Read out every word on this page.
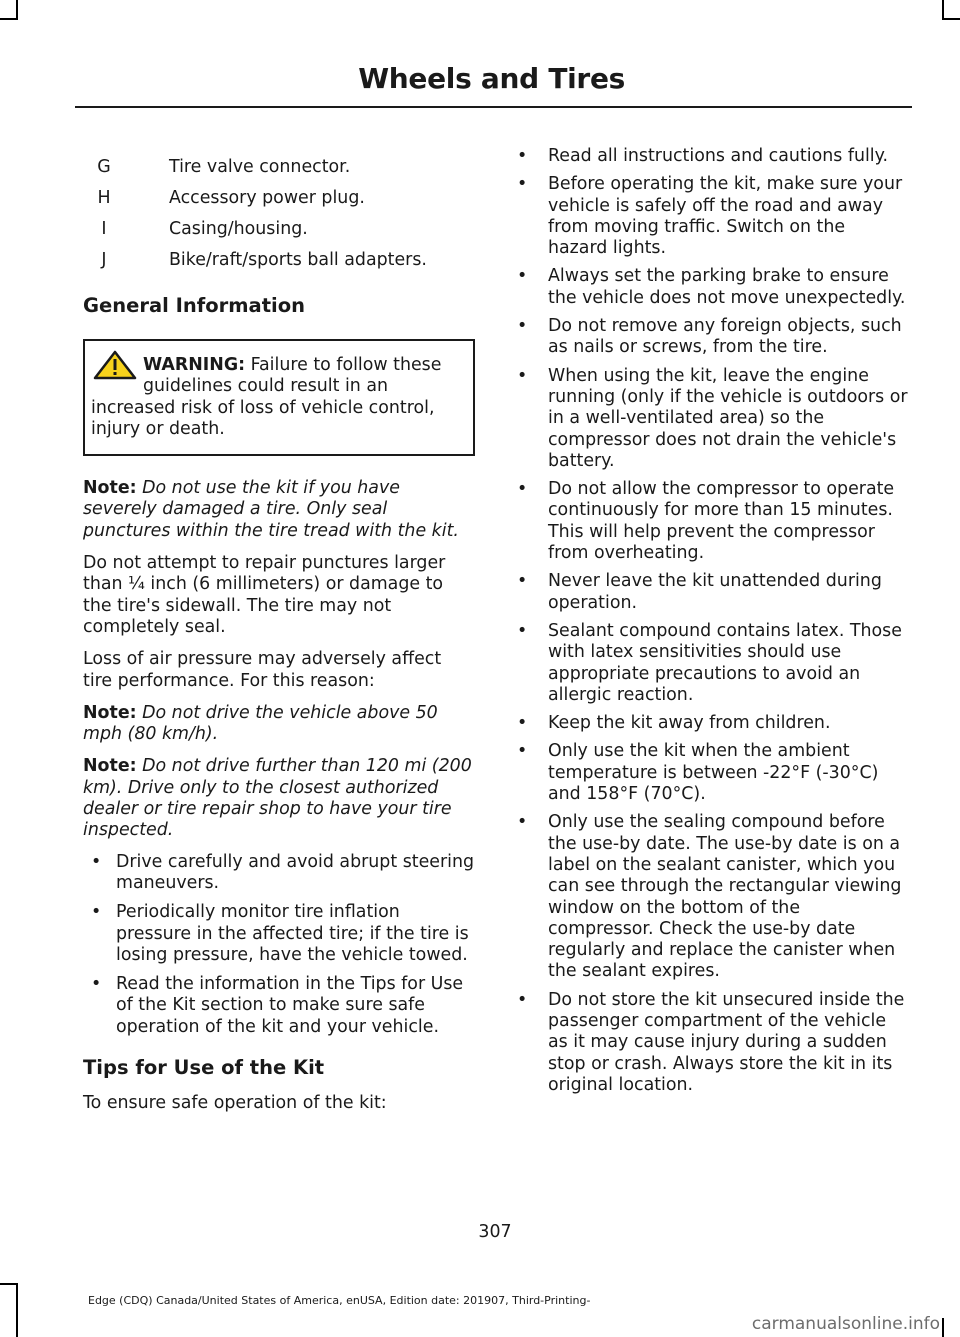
Wheels and Tires
G	Tire valve connector.
H	Accessory power plug.
I	Casing/housing.
J	Bike/raft/sports ball adapters.
General Information
WARNING: Failure to follow these guidelines could result in an increased risk of loss of vehicle control, injury or death.

Note: Do not use the kit if you have severely damaged a tire. Only seal punctures within the tire tread with the kit.

Do not attempt to repair punctures larger than ¼ inch (6 millimeters) or damage to the tire's sidewall. The tire may not completely seal.

Loss of air pressure may adversely affect tire performance. For this reason:

Note: Do not drive the vehicle above 50 mph (80 km/h).

Note: Do not drive further than 120 mi (200 km). Drive only to the closest authorized dealer or tire repair shop to have your tire inspected.

• Drive carefully and avoid abrupt steering maneuvers.
• Periodically monitor tire inflation pressure in the affected tire; if the tire is losing pressure, have the vehicle towed.
• Read the information in the Tips for Use of the Kit section to make sure safe operation of the kit and your vehicle.
Tips for Use of the Kit

To ensure safe operation of the kit:

• Read all instructions and cautions fully.
• Before operating the kit, make sure your vehicle is safely off the road and away from moving traffic. Switch on the hazard lights.
• Always set the parking brake to ensure the vehicle does not move unexpectedly.
• Do not remove any foreign objects, such as nails or screws, from the tire.
• When using the kit, leave the engine running (only if the vehicle is outdoors or in a well-ventilated area) so the compressor does not drain the vehicle's battery.
• Do not allow the compressor to operate continuously for more than 15 minutes. This will help prevent the compressor from overheating.
• Never leave the kit unattended during operation.
• Sealant compound contains latex. Those with latex sensitivities should use appropriate precautions to avoid an allergic reaction.
• Keep the kit away from children.
• Only use the kit when the ambient temperature is between -22°F (-30°C) and 158°F (70°C).
• Only use the sealing compound before the use-by date. The use-by date is on a label on the sealant canister, which you can see through the rectangular viewing window on the bottom of the compressor. Check the use-by date regularly and replace the canister when the sealant expires.
• Do not store the kit unsecured inside the passenger compartment of the vehicle as it may cause injury during a sudden stop or crash. Always store the kit in its original location.
307
Edge (CDQ) Canada/United States of America, enUSA, Edition date: 201907, Third-Printing-
carmanualsonline.info
